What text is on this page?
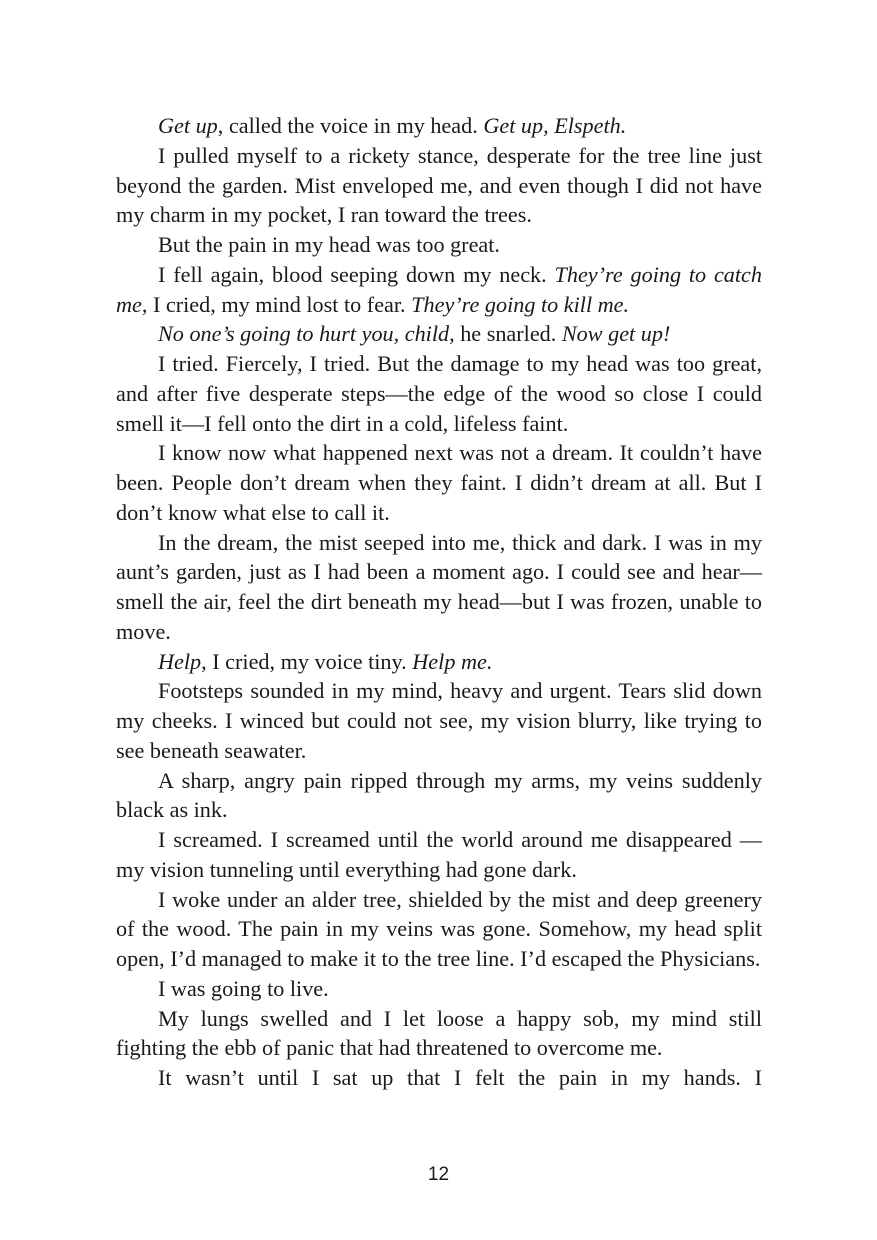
Get up, called the voice in my head. Get up, Elspeth.

I pulled myself to a rickety stance, desperate for the tree line just beyond the garden. Mist enveloped me, and even though I did not have my charm in my pocket, I ran toward the trees.

But the pain in my head was too great.

I fell again, blood seeping down my neck. They’re going to catch me, I cried, my mind lost to fear. They’re going to kill me.

No one’s going to hurt you, child, he snarled. Now get up!

I tried. Fiercely, I tried. But the damage to my head was too great, and after five desperate steps—the edge of the wood so close I could smell it—I fell onto the dirt in a cold, lifeless faint.

I know now what happened next was not a dream. It couldn’t have been. People don’t dream when they faint. I didn’t dream at all. But I don’t know what else to call it.

In the dream, the mist seeped into me, thick and dark. I was in my aunt’s garden, just as I had been a moment ago. I could see and hear—smell the air, feel the dirt beneath my head—but I was frozen, unable to move.

Help, I cried, my voice tiny. Help me.

Footsteps sounded in my mind, heavy and urgent. Tears slid down my cheeks. I winced but could not see, my vision blurry, like trying to see beneath seawater.

A sharp, angry pain ripped through my arms, my veins suddenly black as ink.

I screamed. I screamed until the world around me disappeared —my vision tunneling until everything had gone dark.

I woke under an alder tree, shielded by the mist and deep greenery of the wood. The pain in my veins was gone. Somehow, my head split open, I’d managed to make it to the tree line. I’d escaped the Physicians.

I was going to live.

My lungs swelled and I let loose a happy sob, my mind still fighting the ebb of panic that had threatened to overcome me.

It wasn’t until I sat up that I felt the pain in my hands. I

12
